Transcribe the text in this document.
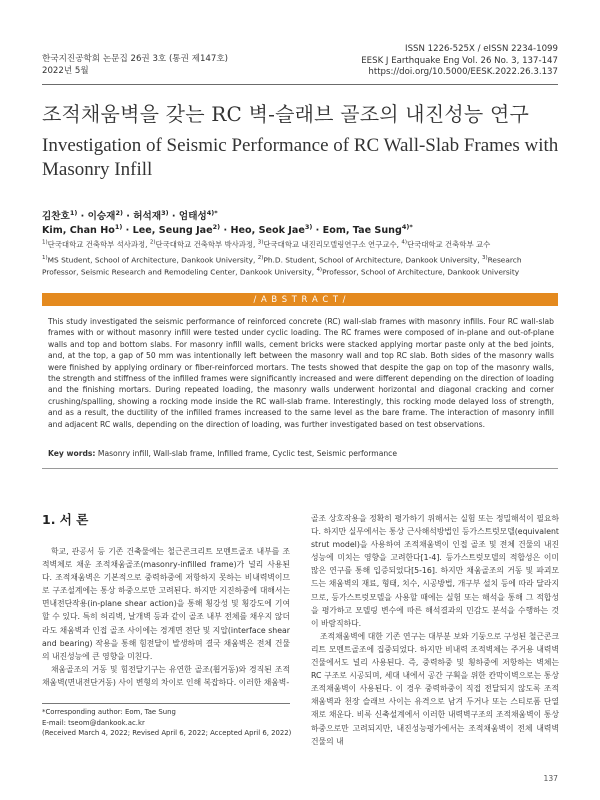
한국지진공학회 논문집 26권 3호 (통권 제147호)
2022년 5월
ISSN 1226-525X / eISSN 2234-1099
EESK J Earthquake Eng Vol. 26 No. 3, 137-147
https://doi.org/10.5000/EESK.2022.26.3.137
조적채움벽을 갖는 RC 벽-슬래브 골조의 내진성능 연구
Investigation of Seismic Performance of RC Wall-Slab Frames with Masonry Infill
김찬호$^{1)}$ · 이승재$^{2)}$ · 허석재$^{3)}$ · 엄태성$^{4)*}$
Kim, Chan $Ho^{1)}$ · Lee, Seung Jae$^{2)}$ · Heo, Seok Jae$^{3)}$ · Eom, Tae Sung$^{4)*}$
$^{1)}$단국대학교 건축학부 석사과정, $^{2)}$단국대학교 건축학부 박사과정, $^{3)}$단국대학교 내진리모델링연구소 연구교수, $^{4)}$단국대학교 건축학부 교수
$^{1)}$MS Student, School of Architecture, Dankook University, $^{2)}$Ph.D. Student, School of Architecture, Dankook University, $^{3)}$Research Professor, Seismic Research and Remodeling Center, Dankook University, $^{4)}$Professor, School of Architecture, Dankook University
/ A B S T R A C T /
This study investigated the seismic performance of reinforced concrete (RC) wall-slab frames with masonry infills. Four RC wall-slab frames with or without masonry infill were tested under cyclic loading. The RC frames were composed of in-plane and out-of-plane walls and top and bottom slabs. For masonry infill walls, cement bricks were stacked applying mortar paste only at the bed joints, and, at the top, a gap of 50 mm was intentionally left between the masonry wall and top RC slab. Both sides of the masonry walls were finished by applying ordinary or fiber-reinforced mortars. The tests showed that despite the gap on top of the masonry walls, the strength and stiffness of the infilled frames were significantly increased and were different depending on the direction of loading and the finishing mortars. During repeated loading, the masonry walls underwent horizontal and diagonal cracking and corner crushing/spalling, showing a rocking mode inside the RC wall-slab frame. Interestingly, this rocking mode delayed loss of strength, and as a result, the ductility of the infilled frames increased to the same level as the bare frame. The interaction of masonry infill and adjacent RC walls, depending on the direction of loading, was further investigated based on test observations.
Key words: Masonry infill, Wall-slab frame, Infilled frame, Cyclic test, Seismic performance
1. 서 론

학교, 관공서 등 기존 건축물에는 철근콘크리트 모멘트골조 내부를 조적벽체로 채운 조적채움골조(masonry-infilled frame)가 널리 사용된다. 조적채움벽은 기본적으로 중력하중에 저항하지 못하는 비내력벽이므로 구조설계에는 통상 하중으로만 고려된다. 하지만 지진하중에 대해서는 면내전단작용(in-plane shear action)을 통해 횡강성 및 횡강도에 기여할 수 있다. 특히 허리벽, 날개벽 등과 같이 골조 내부 전체를 채우지 않더라도 채움벽과 인접 골조 사이에는 경계면 전단 및 지압(interface shear and bearing) 작용을 통해 힘전달이 발생하며 결국 채움벽은 전체 건물의 내진성능에 큰 영향을 미친다.

채움골조의 거동 및 힘전달기구는 유연한 골조(휨거동)와 경직된 조적채움벽(면내전단거동) 사이 변형의 차이로 인해 복잡하다. 이러한 채움벽-

골조 상호작용을 정확히 평가하기 위해서는 실험 또는 정밀해석이 필요하다. 하지만 실무에서는 통상 근사해석방법인 등가스트럿모델(equivalent strut model)을 사용하여 조적채움벽이 인접 골조 및 전체 건물의 내진성능에 미치는 영향을 고려한다[1-4]. 등가스트럿모델의 적합성은 이미 많은 연구를 통해 입증되었다[5-16]. 하지만 채움골조의 거동 및 파괴모드는 채움벽의 재료, 형태, 치수, 시공방법, 개구부 설치 등에 따라 달라지므로, 등가스트럿모델을 사용할 때에는 실험 또는 해석을 통해 그 적합성을 평가하고 모델링 변수에 따른 해석결과의 민감도 분석을 수행하는 것이 바람직하다.

조적채움벽에 대한 기존 연구는 대부분 보와 기둥으로 구성된 철근콘크리트 모멘트골조에 집중되었다. 하지만 비내력 조적벽체는 주거용 내력벽 건물에서도 널리 사용된다. 즉, 중력하중 및 횡하중에 저항하는 벽체는 RC 구조로 시공되며, 세대 내에서 공간 구획을 위한 칸막이벽으로는 통상 조적채움벽이 사용된다. 이 경우 중력하중이 직접 전달되지 않도록 조적채움벽과 천장 슬래브 사이는 유격으로 남겨 두거나 또는 스티로폼 단열재로 채운다. 비록 신축설계에서 이러한 내력벽구조의 조적채움벽이 통상 하중으로만 고려되지만, 내진성능평가에서는 조적채움벽이 전체 내력벽 건물의 내

*Corresponding author: Eom, Tae Sung
E-mail: tseom@dankook.ac.kr
(Received March 4, 2022; Revised April 6, 2022; Accepted April 6, 2022)
137
